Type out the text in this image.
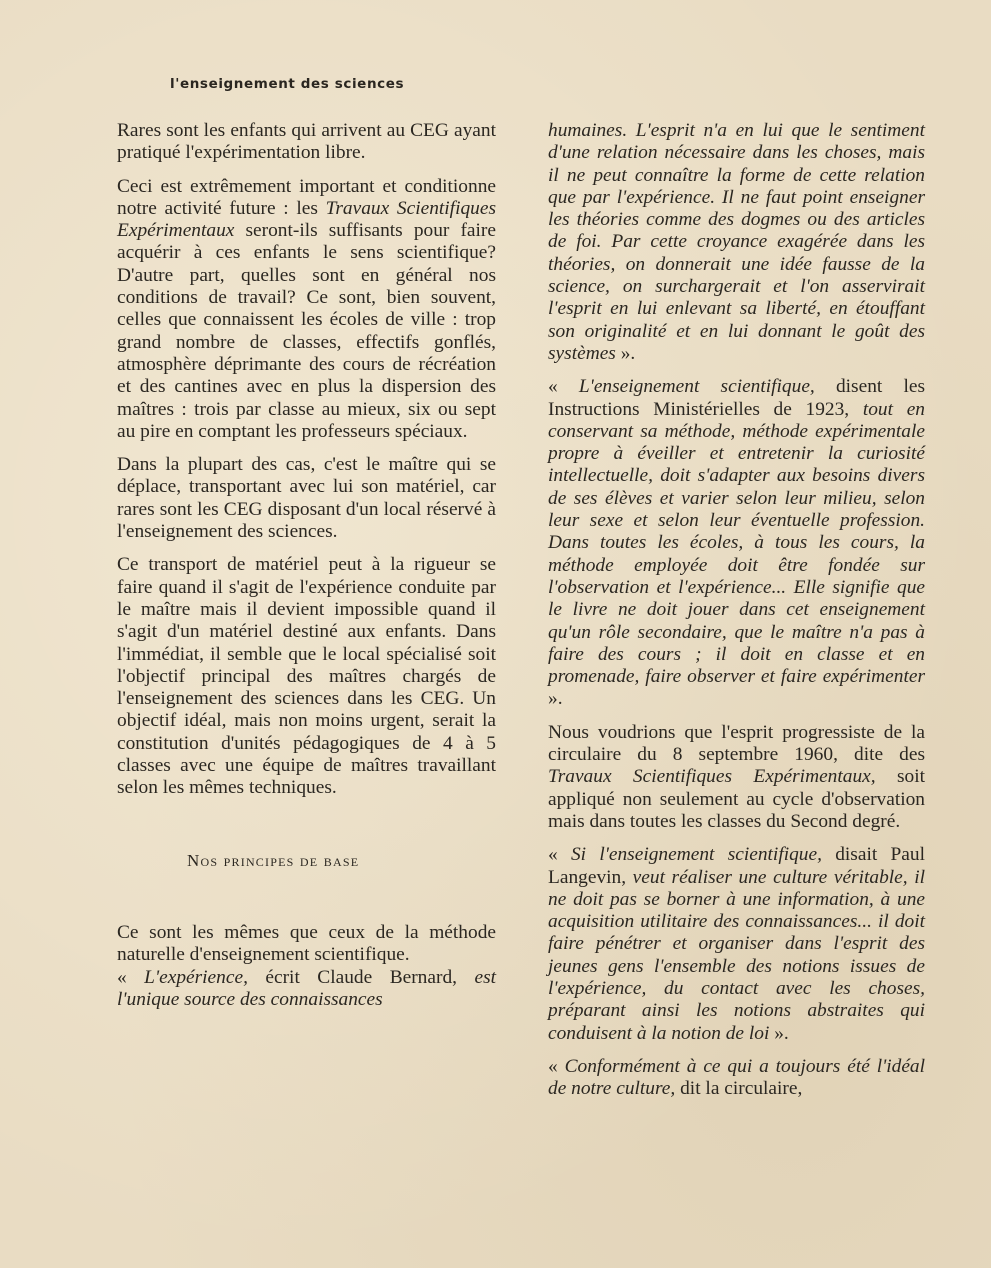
l'enseignement des sciences

Rares sont les enfants qui arrivent au CEG ayant pratiqué l'expérimentation libre.

Ceci est extrêmement important et conditionne notre activité future : les Travaux Scientifiques Expérimentaux seront-ils suffisants pour faire acquérir à ces enfants le sens scientifique? D'autre part, quelles sont en général nos conditions de travail? Ce sont, bien souvent, celles que connaissent les écoles de ville : trop grand nombre de classes, effectifs gonflés, atmosphère déprimante des cours de récréation et des cantines avec en plus la dispersion des maîtres : trois par classe au mieux, six ou sept au pire en comptant les professeurs spéciaux.

Dans la plupart des cas, c'est le maître qui se déplace, transportant avec lui son matériel, car rares sont les CEG disposant d'un local réservé à l'enseignement des sciences.

Ce transport de matériel peut à la rigueur se faire quand il s'agit de l'expérience conduite par le maître mais il devient impossible quand il s'agit d'un matériel destiné aux enfants. Dans l'immédiat, il semble que le local spécialisé soit l'objectif principal des maîtres chargés de l'enseignement des sciences dans les CEG. Un objectif idéal, mais non moins urgent, serait la constitution d'unités pédagogiques de 4 à 5 classes avec une équipe de maîtres travaillant selon les mêmes techniques.

Nos principes de base

Ce sont les mêmes que ceux de la méthode naturelle d'enseignement scientifique.

« L'expérience, écrit Claude Bernard, est l'unique source des connaissances

humaines. L'esprit n'a en lui que le sentiment d'une relation nécessaire dans les choses, mais il ne peut connaître la forme de cette relation que par l'expérience. Il ne faut point enseigner les théories comme des dogmes ou des articles de foi. Par cette croyance exagérée dans les théories, on donnerait une idée fausse de la science, on surchargerait et l'on asservirait l'esprit en lui enlevant sa liberté, en étouffant son originalité et en lui donnant le goût des systèmes ».

« L'enseignement scientifique, disent les Instructions Ministérielles de 1923, tout en conservant sa méthode, méthode expérimentale propre à éveiller et entretenir la curiosité intellectuelle, doit s'adapter aux besoins divers de ses élèves et varier selon leur milieu, selon leur sexe et selon leur éventuelle profession. Dans toutes les écoles, à tous les cours, la méthode employée doit être fondée sur l'observation et l'expérience... Elle signifie que le livre ne doit jouer dans cet enseignement qu'un rôle secondaire, que le maître n'a pas à faire des cours ; il doit en classe et en promenade, faire observer et faire expérimenter ».

Nous voudrions que l'esprit progressiste de la circulaire du 8 septembre 1960, dite des Travaux Scientifiques Expérimentaux, soit appliqué non seulement au cycle d'observation mais dans toutes les classes du Second degré.

« Si l'enseignement scientifique, disait Paul Langevin, veut réaliser une culture véritable, il ne doit pas se borner à une information, à une acquisition utilitaire des connaissances... il doit faire pénétrer et organiser dans l'esprit des jeunes gens l'ensemble des notions issues de l'expérience, du contact avec les choses, préparant ainsi les notions abstraites qui conduisent à la notion de loi ».

« Conformément à ce qui a toujours été l'idéal de notre culture, dit la circulaire,
